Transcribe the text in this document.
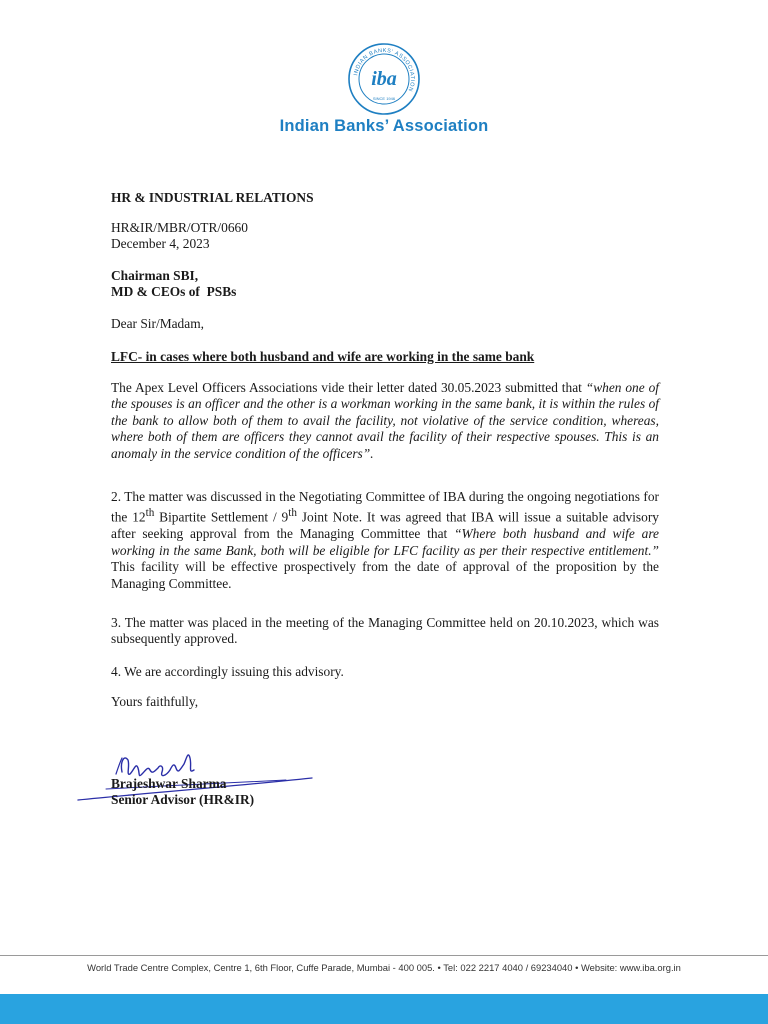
INDIAN BANKS' ASSOCIATION
iba
SINCE 1946
Indian Banks’ Association
HR & INDUSTRIAL RELATIONS
HR&IR/MBR/OTR/0660
December 4, 2023
Chairman SBI,
MD & CEOs of  PSBs
Dear Sir/Madam,
LFC- in cases where both husband and wife are working in the same bank
The Apex Level Officers Associations vide their letter dated 30.05.2023 submitted that “when one of the spouses is an officer and the other is a workman working in the same bank, it is within the rules of the bank to allow both of them to avail the facility, not violative of the service condition, whereas, where both of them are officers they cannot avail the facility of their respective spouses. This is an anomaly in the service condition of the officers”.
2. The matter was discussed in the Negotiating Committee of IBA during the ongoing negotiations for the 12th Bipartite Settlement / 9th Joint Note. It was agreed that IBA will issue a suitable advisory after seeking approval from the Managing Committee that “Where both husband and wife are working in the same Bank, both will be eligible for LFC facility as per their respective entitlement.”  This facility will be effective prospectively from the date of approval of the proposition by the Managing Committee.
3. The matter was placed in the meeting of the Managing Committee held on 20.10.2023, which was subsequently approved.
4. We are accordingly issuing this advisory.
Yours faithfully,
Brajeshwar Sharma
Senior Advisor (HR&IR)
World Trade Centre Complex, Centre 1, 6th Floor, Cuffe Parade, Mumbai - 400 005. • Tel: 022 2217 4040 / 69234040 • Website: www.iba.org.in
